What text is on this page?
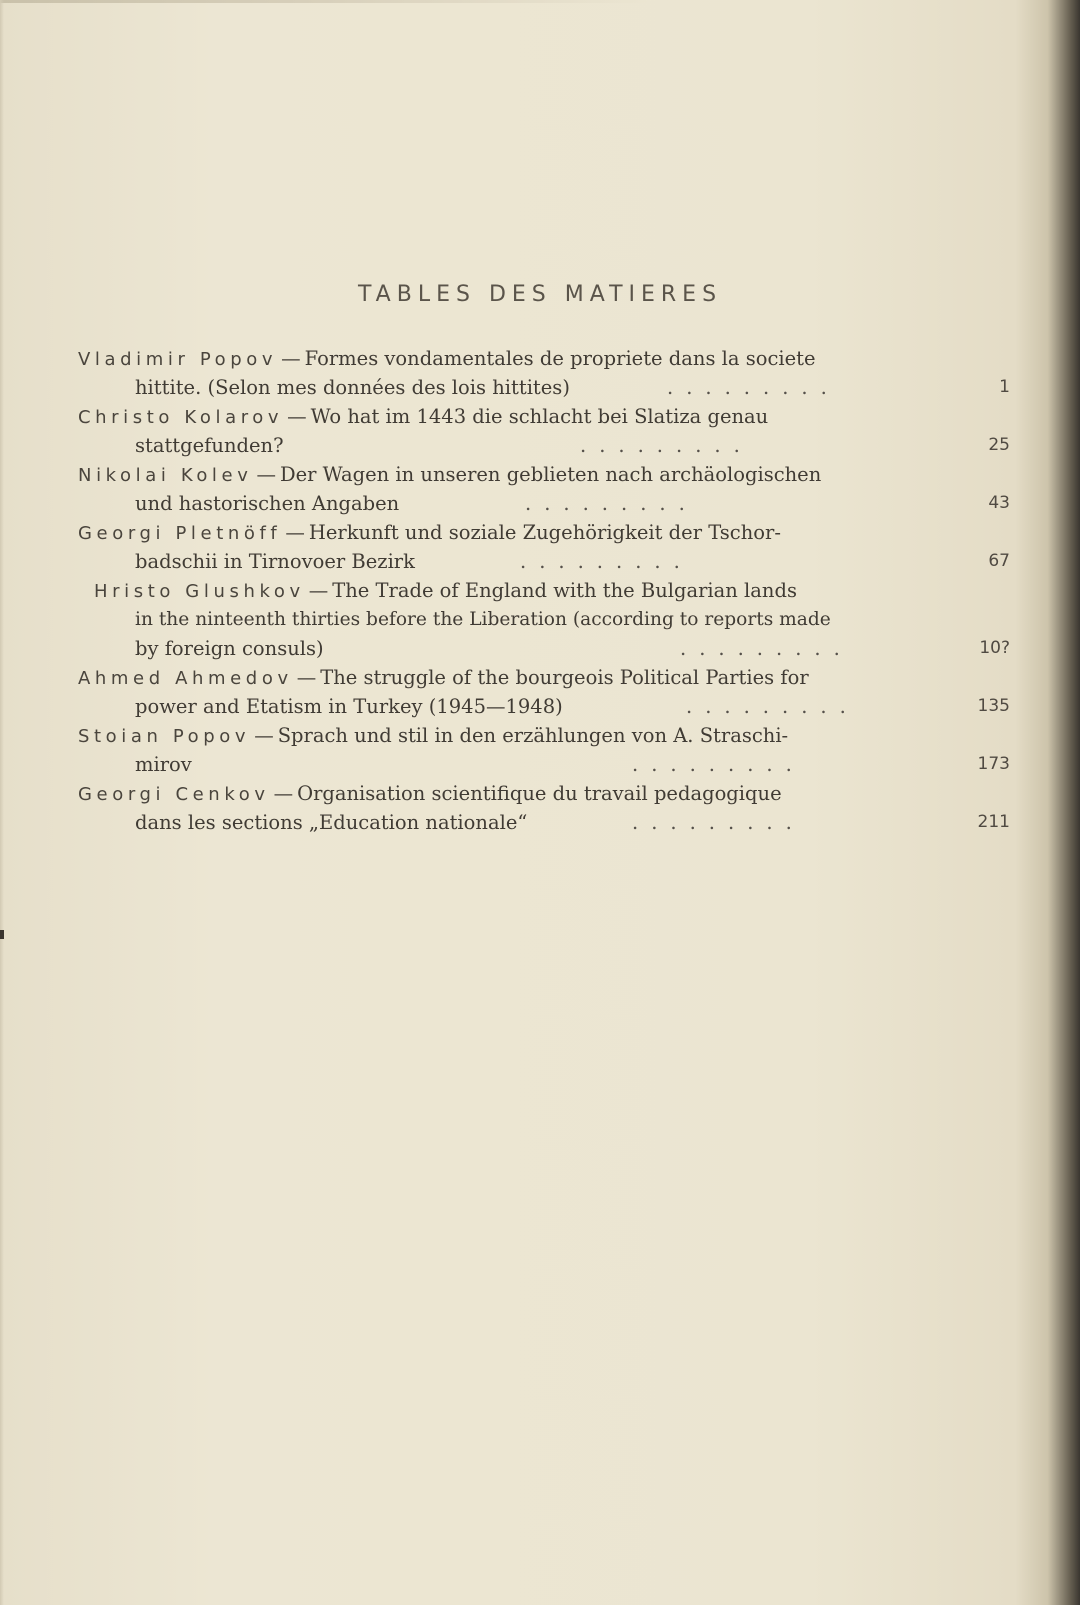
TABLES DES MATIERES
Vladimir Popov — Formes vondamentales de propriete dans la societe
hittite. (Selon mes données des lois hittites)	.........	1
Christo Kolarov — Wo hat im 1443 die schlacht bei Slatiza genau
stattgefunden?	.........	25
Nikolai Kolev — Der Wagen in unseren geblieten nach archäologischen
und hastorischen Angaben	.........	43
Georgi Pletnöff — Herkunft und soziale Zugehörigkeit der Tschor-
badschii in Tirnovoer Bezirk	.........	67
Hristo Glushkov — The Trade of England with the Bulgarian lands
in the ninteenth thirties before the Liberation (according to reports made
by foreign consuls)	.........	10?
Ahmed Ahmedov — The struggle of the bourgeois Political Parties for
power and Etatism in Turkey (1945—1948)	.........	135
Stoian Popov — Sprach und stil in den erzählungen von A. Straschi-
mirov	.........	173
Georgi Cenkov — Organisation scientifique du travail pedagogique
dans les sections „Education nationale“	.........	211
